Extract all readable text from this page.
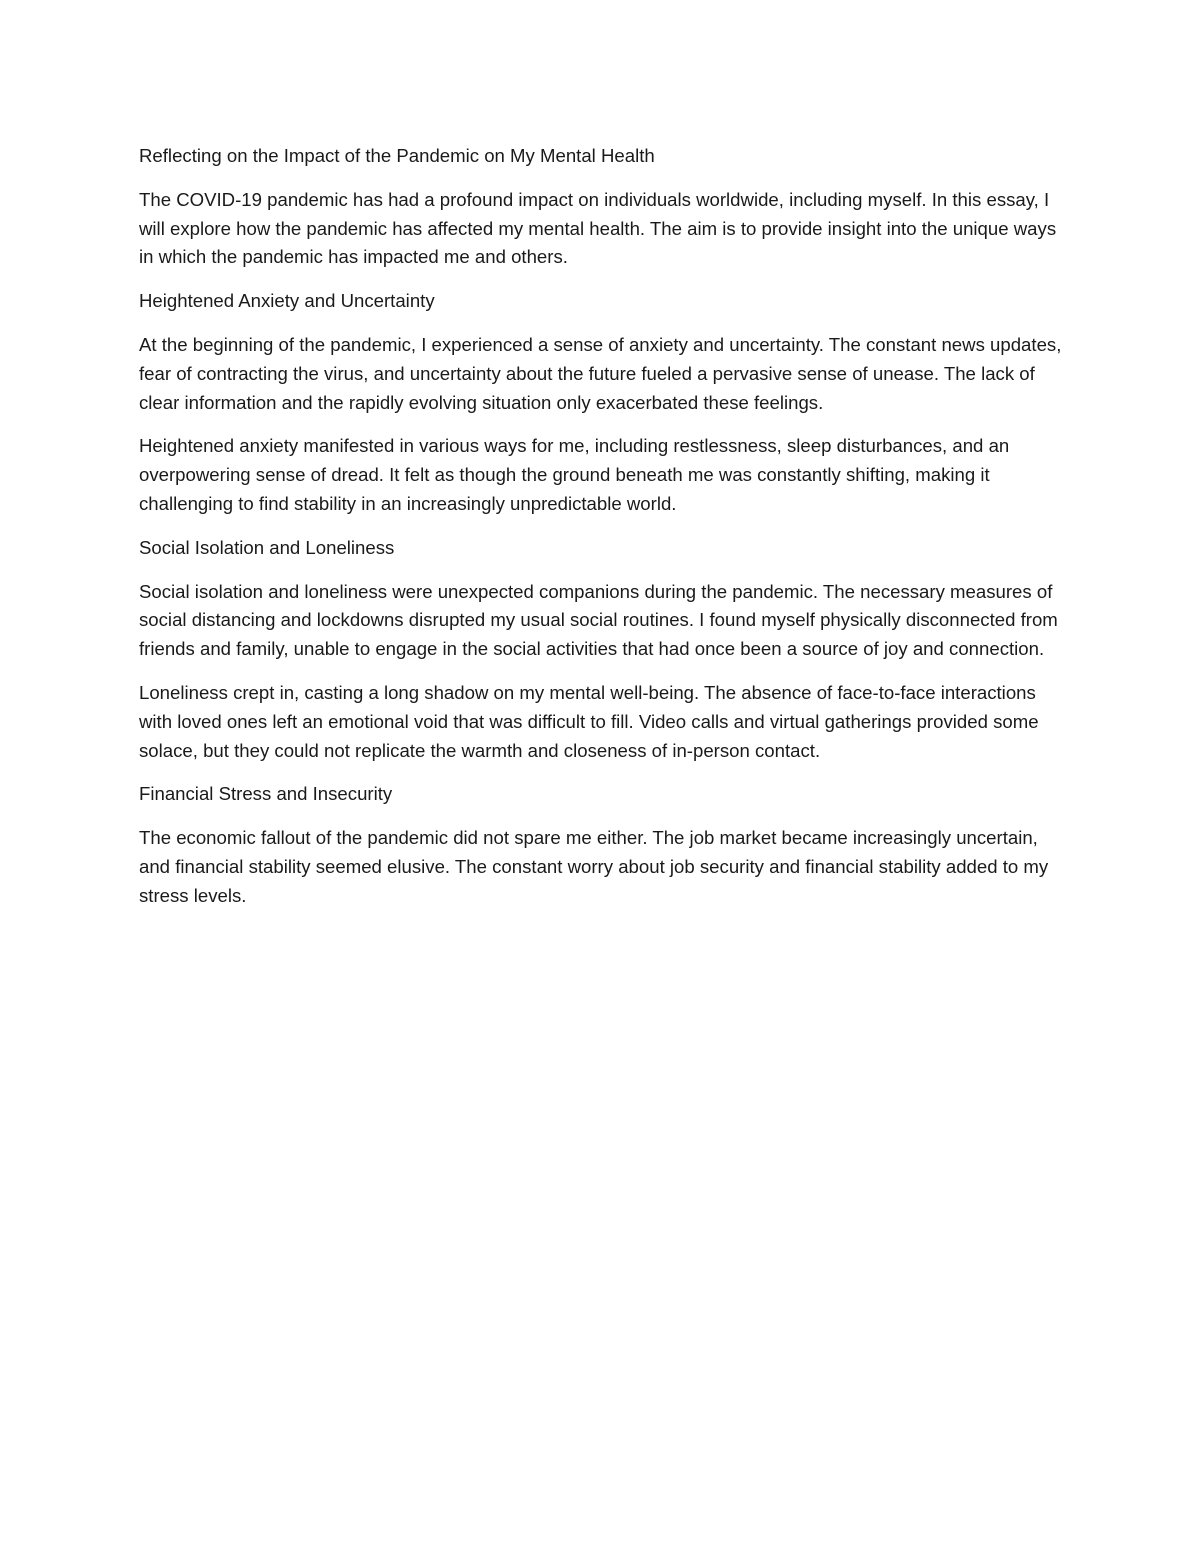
Reflecting on the Impact of the Pandemic on My Mental Health

The COVID-19 pandemic has had a profound impact on individuals worldwide, including myself. In this essay, I will explore how the pandemic has affected my mental health. The aim is to provide insight into the unique ways in which the pandemic has impacted me and others.

Heightened Anxiety and Uncertainty

At the beginning of the pandemic, I experienced a sense of anxiety and uncertainty. The constant news updates, fear of contracting the virus, and uncertainty about the future fueled a pervasive sense of unease. The lack of clear information and the rapidly evolving situation only exacerbated these feelings.

Heightened anxiety manifested in various ways for me, including restlessness, sleep disturbances, and an overpowering sense of dread. It felt as though the ground beneath me was constantly shifting, making it challenging to find stability in an increasingly unpredictable world.

Social Isolation and Loneliness

Social isolation and loneliness were unexpected companions during the pandemic. The necessary measures of social distancing and lockdowns disrupted my usual social routines. I found myself physically disconnected from friends and family, unable to engage in the social activities that had once been a source of joy and connection.

Loneliness crept in, casting a long shadow on my mental well-being. The absence of face-to-face interactions with loved ones left an emotional void that was difficult to fill. Video calls and virtual gatherings provided some solace, but they could not replicate the warmth and closeness of in-person contact.

Financial Stress and Insecurity

The economic fallout of the pandemic did not spare me either. The job market became increasingly uncertain, and financial stability seemed elusive. The constant worry about job security and financial stability added to my stress levels.
